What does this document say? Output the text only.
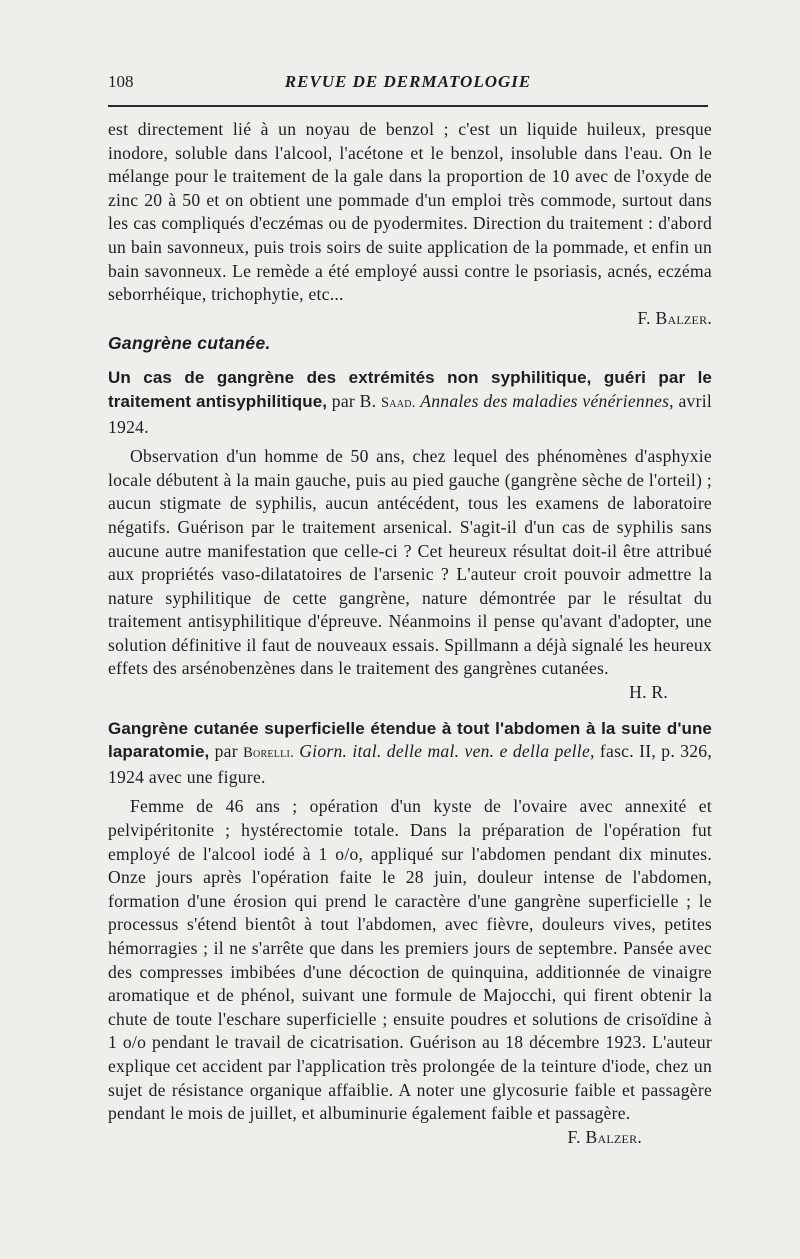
108	REVUE DE DERMATOLOGIE

est directement lié à un noyau de benzol ; c'est un liquide huileux, presque inodore, soluble dans l'alcool, l'acétone et le benzol, insoluble dans l'eau. On le mélange pour le traitement de la gale dans la proportion de 10 avec de l'oxyde de zinc 20 à 50 et on obtient une pommade d'un emploi très commode, surtout dans les cas compliqués d'eczémas ou de pyodermites. Direction du traitement : d'abord un bain savonneux, puis trois soirs de suite application de la pommade, et enfin un bain savonneux. Le remède a été employé aussi contre le psoriasis, acnés, eczéma seborrhéique, trichophytie, etc...

F. Balzer.
Gangrène cutanée.
Un cas de gangrène des extrémités non syphilitique, guéri par le traitement antisyphilitique, par B. Saad. Annales des maladies vénériennes, avril 1924.

Observation d'un homme de 50 ans, chez lequel des phénomènes d'asphyxie locale débutent à la main gauche, puis au pied gauche (gangrène sèche de l'orteil) ; aucun stigmate de syphilis, aucun antécédent, tous les examens de laboratoire négatifs. Guérison par le traitement arsenical. S'agit-il d'un cas de syphilis sans aucune autre manifestation que celle-ci ? Cet heureux résultat doit-il être attribué aux propriétés vaso-dilatatoires de l'arsenic ? L'auteur croit pouvoir admettre la nature syphilitique de cette gangrène, nature démontrée par le résultat du traitement antisyphilitique d'épreuve. Néanmoins il pense qu'avant d'adopter, une solution définitive il faut de nouveaux essais. Spillmann a déjà signalé les heureux effets des arsénobenzènes dans le traitement des gangrènes cutanées.

H. R.
Gangrène cutanée superficielle étendue à tout l'abdomen à la suite d'une laparatomie, par Borelli. Giorn. ital. delle mal. ven. e della pelle, fasc. II, p. 326, 1924 avec une figure.

Femme de 46 ans ; opération d'un kyste de l'ovaire avec annexité et pelvipéritonite ; hystérectomie totale. Dans la préparation de l'opération fut employé de l'alcool iodé à 1 o/o, appliqué sur l'abdomen pendant dix minutes. Onze jours après l'opération faite le 28 juin, douleur intense de l'abdomen, formation d'une érosion qui prend le caractère d'une gangrène superficielle ; le processus s'étend bientôt à tout l'abdomen, avec fièvre, douleurs vives, petites hémorragies ; il ne s'arrête que dans les premiers jours de septembre. Pansée avec des compresses imbibées d'une décoction de quinquina, additionnée de vinaigre aromatique et de phénol, suivant une formule de Majocchi, qui firent obtenir la chute de toute l'eschare superficielle ; ensuite poudres et solutions de crisoïdine à 1 o/o pendant le travail de cicatrisation. Guérison au 18 décembre 1923. L'auteur explique cet accident par l'application très prolongée de la teinture d'iode, chez un sujet de résistance organique affaiblie. A noter une glycosurie faible et passagère pendant le mois de juillet, et albuminurie également faible et passagère.

F. Balzer.
